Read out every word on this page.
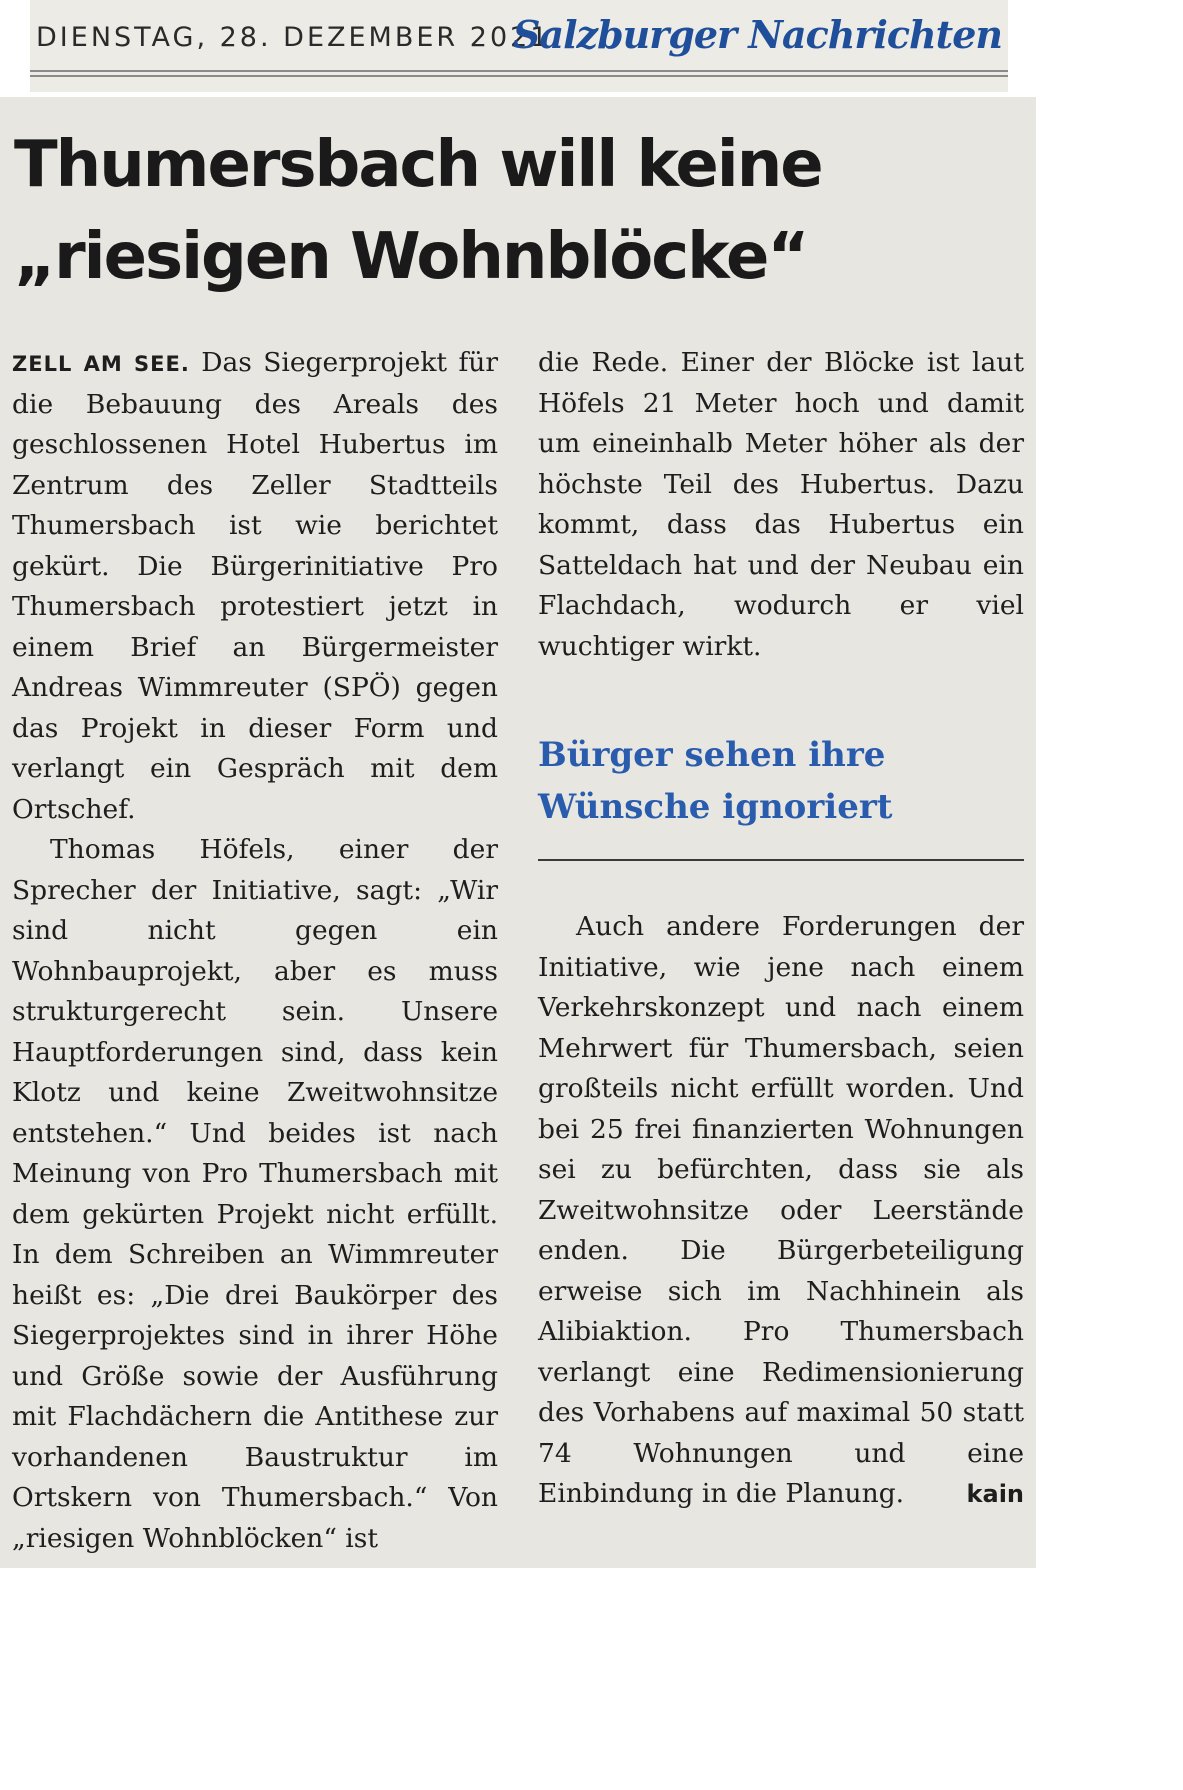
DIENSTAG, 28. DEZEMBER 2021
Salzburger Nachrichten
Thumersbach will keine „riesigen Wohnblöcke“

ZELL AM SEE. Das Siegerprojekt für die Bebauung des Areals des geschlossenen Hotel Hubertus im Zentrum des Zeller Stadtteils Thumersbach ist wie berichtet gekürt. Die Bürgerinitiative Pro Thumersbach protestiert jetzt in einem Brief an Bürgermeister Andreas Wimmreuter (SPÖ) gegen das Projekt in dieser Form und verlangt ein Gespräch mit dem Ortschef.

Thomas Höfels, einer der Sprecher der Initiative, sagt: „Wir sind nicht gegen ein Wohnbauprojekt, aber es muss strukturgerecht sein. Unsere Hauptforderungen sind, dass kein Klotz und keine Zweitwohnsitze entstehen.“ Und beides ist nach Meinung von Pro Thumersbach mit dem gekürten Projekt nicht erfüllt. In dem Schreiben an Wimmreuter heißt es: „Die drei Baukörper des Siegerprojektes sind in ihrer Höhe und Größe sowie der Ausführung mit Flachdächern die Antithese zur vorhandenen Baustruktur im Ortskern von Thumersbach.“ Von „riesigen Wohnblöcken“ ist

die Rede. Einer der Blöcke ist laut Höfels 21 Meter hoch und damit um eineinhalb Meter höher als der höchste Teil des Hubertus. Dazu kommt, dass das Hubertus ein Satteldach hat und der Neubau ein Flachdach, wodurch er viel wuchtiger wirkt.

Bürger sehen ihre Wünsche ignoriert

Auch andere Forderungen der Initiative, wie jene nach einem Verkehrskonzept und nach einem Mehrwert für Thumersbach, seien großteils nicht erfüllt worden. Und bei 25 frei finanzierten Wohnungen sei zu befürchten, dass sie als Zweitwohnsitze oder Leerstände enden. Die Bürgerbeteiligung erweise sich im Nachhinein als Alibiaktion. Pro Thumersbach verlangt eine Redimensionierung des Vorhabens auf maximal 50 statt 74 Wohnungen und eine Einbindung in die Planung.	kain
